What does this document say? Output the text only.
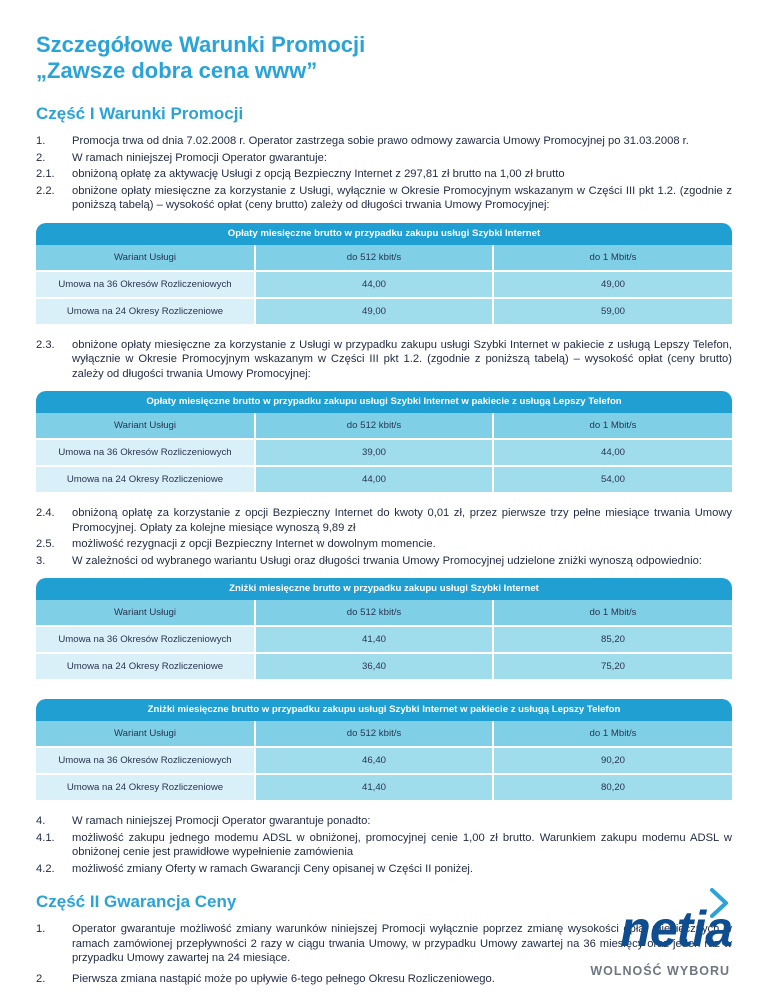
Szczegółowe Warunki Promocji
„Zawsze dobra cena www”
Część I Warunki Promocji
1.	Promocja trwa od dnia 7.02.2008 r. Operator zastrzega sobie prawo odmowy zawarcia Umowy Promocyjnej po 31.03.2008 r.
2.	W ramach niniejszej Promocji Operator gwarantuje:
2.1.	obniżoną opłatę za aktywację Usługi z opcją Bezpieczny Internet z 297,81 zł brutto na 1,00 zł brutto
2.2.	obniżone opłaty miesięczne za korzystanie z Usługi, wyłącznie w Okresie Promocyjnym wskazanym w Części III pkt 1.2. (zgodnie z poniższą tabelą) – wysokość opłat (ceny brutto) zależy od długości trwania Umowy Promocyjnej:
Opłaty miesięczne brutto w przypadku zakupu usługi Szybki Internet
Wariant Usługi	do 512 kbit/s	do 1 Mbit/s
Umowa na 36 Okresów Rozliczeniowych	44,00	49,00
Umowa na 24 Okresy Rozliczeniowe	49,00	59,00
2.3.	obniżone opłaty miesięczne za korzystanie z Usługi w przypadku zakupu usługi Szybki Internet w pakiecie z usługą Lepszy Telefon, wyłącznie w Okresie Promocyjnym wskazanym w Części III pkt 1.2. (zgodnie z poniższą tabelą) – wysokość opłat (ceny brutto) zależy od długości trwania Umowy Promocyjnej:
Opłaty miesięczne brutto w przypadku zakupu usługi Szybki Internet w pakiecie z usługą Lepszy Telefon
Wariant Usługi	do 512 kbit/s	do 1 Mbit/s
Umowa na 36 Okresów Rozliczeniowych	39,00	44,00
Umowa na 24 Okresy Rozliczeniowe	44,00	54,00
2.4.	obniżoną opłatę za korzystanie z opcji Bezpieczny Internet do kwoty 0,01 zł, przez pierwsze trzy pełne miesiące trwania Umowy Promocyjnej. Opłaty za kolejne miesiące wynoszą 9,89 zł
2.5.	możliwość rezygnacji z opcji Bezpieczny Internet w dowolnym momencie.
3.	W zależności od wybranego wariantu Usługi oraz długości trwania Umowy Promocyjnej udzielone zniżki wynoszą odpowiednio:
Zniżki miesięczne brutto w przypadku zakupu usługi Szybki Internet
Wariant Usługi	do 512 kbit/s	do 1 Mbit/s
Umowa na 36 Okresów Rozliczeniowych	41,40	85,20
Umowa na 24 Okresy Rozliczeniowe	36,40	75,20
Zniżki miesięczne brutto w przypadku zakupu usługi Szybki Internet w pakiecie z usługą Lepszy Telefon
Wariant Usługi	do 512 kbit/s	do 1 Mbit/s
Umowa na 36 Okresów Rozliczeniowych	46,40	90,20
Umowa na 24 Okresy Rozliczeniowe	41,40	80,20
4.	W ramach niniejszej Promocji Operator gwarantuje ponadto:
4.1.	możliwość zakupu jednego modemu ADSL w obniżonej, promocyjnej cenie 1,00 zł brutto. Warunkiem zakupu modemu ADSL w obniżonej cenie jest prawidłowe wypełnienie zamówienia
4.2.	możliwość zmiany Oferty w ramach Gwarancji Ceny opisanej w Części II poniżej.
Część II Gwarancja Ceny
1.	Operator gwarantuje możliwość zmiany warunków niniejszej Promocji wyłącznie poprzez zmianę wysokości opłat miesięcznych w ramach zamówionej przepływności 2 razy w ciągu trwania Umowy, w przypadku Umowy zawartej na 36 miesięcy oraz jeden raz w przypadku Umowy zawartej na 24 miesiące.
2.	Pierwsza zmiana nastąpić może po upływie 6-tego pełnego Okresu Rozliczeniowego.
netia
WOLNOŚĆ WYBORU
